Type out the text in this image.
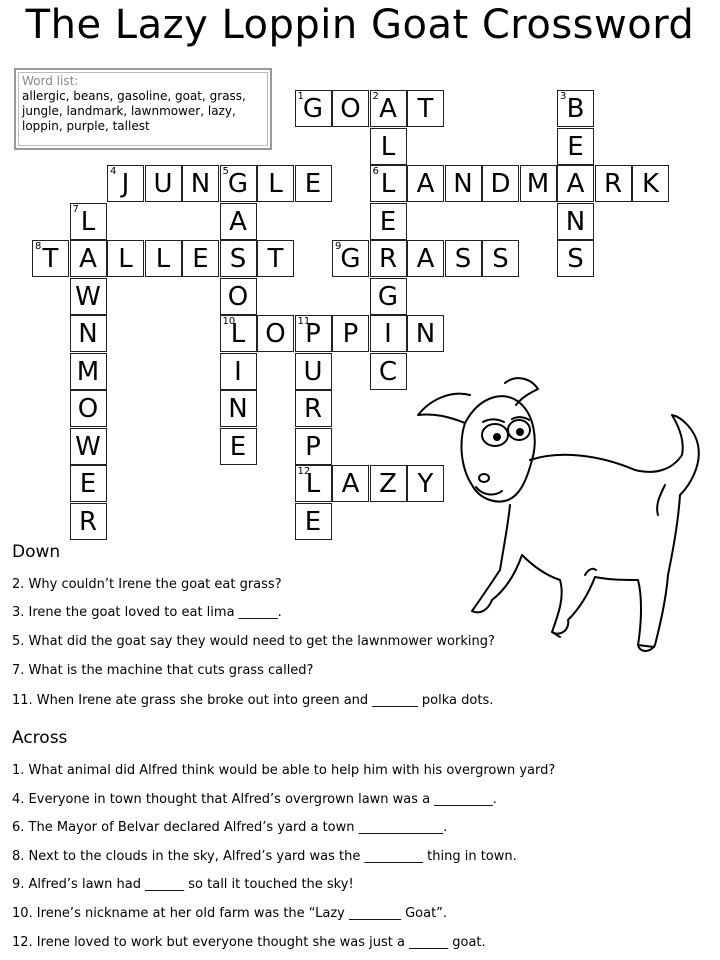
The Lazy Loppin Goat Crossword
Word list:
allergic, beans, gasoline, goat, grass, jungle, landmark, lawnmower, lazy, loppin, purple, tallest
1 G O	2 A T	3 B
L	E
4 J U N	5 G L E	6 L A N D M A R K
7 L	A	E	N
8 T A L L E S T	9 G R A S S	S
W	O	G
N	10
L O	11
P P I N
M	I	U	C
O	N	R
W	E	P
E	12
L A Z Y
R	E
Down
2. Why couldn’t Irene the goat eat grass?
3. Irene the goat loved to eat lima ______.
5. What did the goat say they would need to get the lawnmower working?
7. What is the machine that cuts grass called?
11. When Irene ate grass she broke out into green and _______ polka dots.
Across
1. What animal did Alfred think would be able to help him with his overgrown yard?
4. Everyone in town thought that Alfred’s overgrown lawn was a _________.
6. The Mayor of Belvar declared Alfred’s yard a town _____________.
8. Next to the clouds in the sky, Alfred’s yard was the _________ thing in town.
9. Alfred’s lawn had ______ so tall it touched the sky!
10. Irene’s nickname at her old farm was the “Lazy ________ Goat”.
12. Irene loved to work but everyone thought she was just a ______ goat.
